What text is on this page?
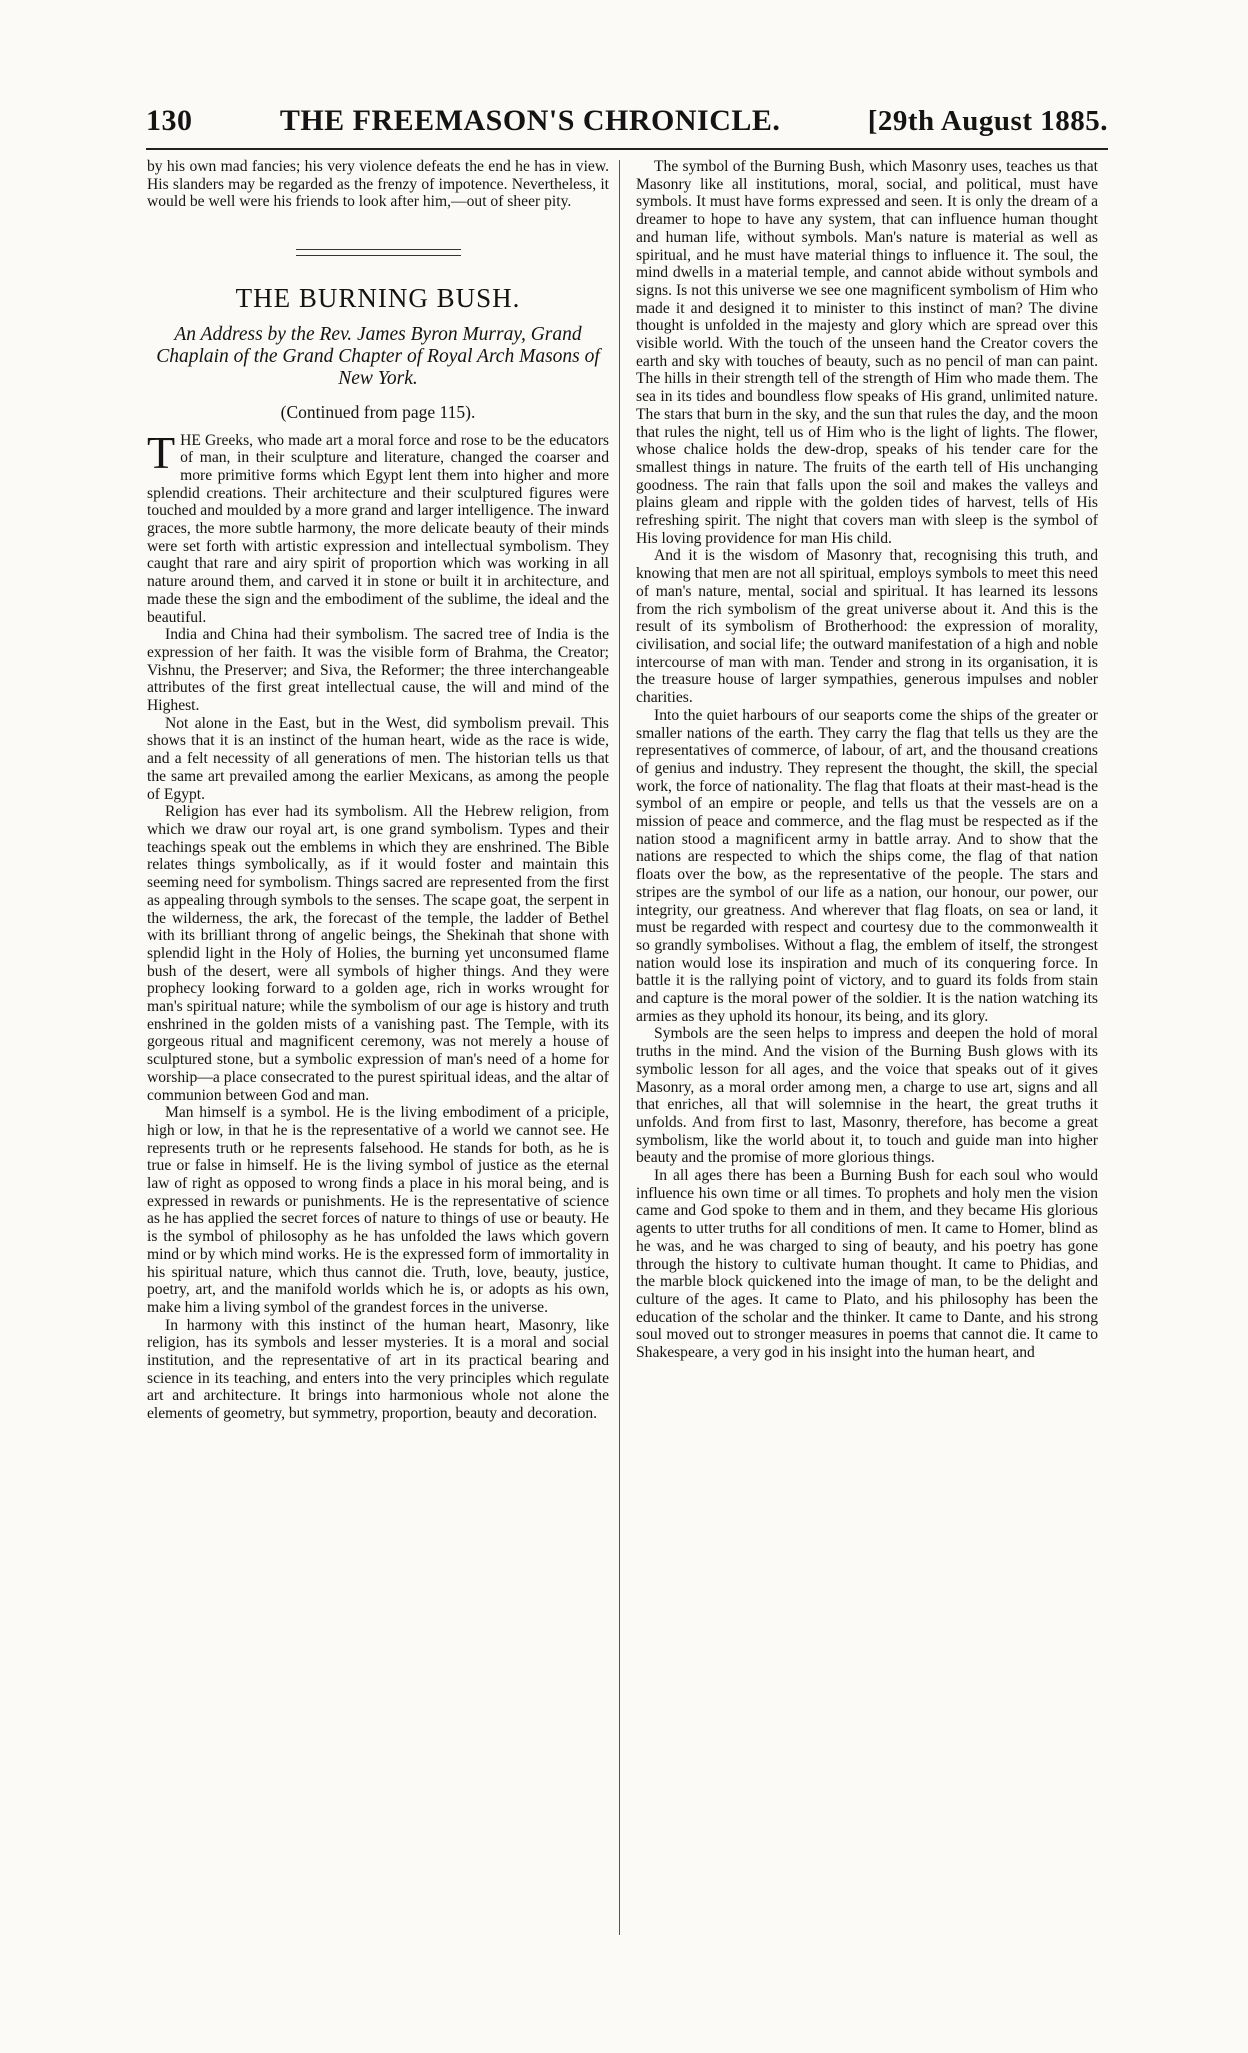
130	THE FREEMASON'S CHRONICLE.	[29th August 1885.

by his own mad fancies; his very violence defeats the end he has in view. His slanders may be regarded as the frenzy of impotence. Nevertheless, it would be well were his friends to look after him,—out of sheer pity.

THE BURNING BUSH.
An Address by the Rev. James Byron Murray, Grand Chaplain of the Grand Chapter of Royal Arch Masons of New York.
(Continued from page 115).

THE Greeks, who made art a moral force and rose to be the educators of man, in their sculpture and literature, changed the coarser and more primitive forms which Egypt lent them into higher and more splendid creations. Their architecture and their sculptured figures were touched and moulded by a more grand and larger intelligence. The inward graces, the more subtle harmony, the more delicate beauty of their minds were set forth with artistic expression and intellectual symbolism. They caught that rare and airy spirit of proportion which was working in all nature around them, and carved it in stone or built it in architecture, and made these the sign and the embodiment of the sublime, the ideal and the beautiful.

India and China had their symbolism. The sacred tree of India is the expression of her faith. It was the visible form of Brahma, the Creator; Vishnu, the Preserver; and Siva, the Reformer; the three interchangeable attributes of the first great intellectual cause, the will and mind of the Highest.

Not alone in the East, but in the West, did symbolism prevail. This shows that it is an instinct of the human heart, wide as the race is wide, and a felt necessity of all generations of men. The historian tells us that the same art prevailed among the earlier Mexicans, as among the people of Egypt.

Religion has ever had its symbolism. All the Hebrew religion, from which we draw our royal art, is one grand symbolism. Types and their teachings speak out the emblems in which they are enshrined. The Bible relates things symbolically, as if it would foster and maintain this seeming need for symbolism. Things sacred are represented from the first as appealing through symbols to the senses. The scape goat, the serpent in the wilderness, the ark, the forecast of the temple, the ladder of Bethel with its brilliant throng of angelic beings, the Shekinah that shone with splendid light in the Holy of Holies, the burning yet unconsumed flame bush of the desert, were all symbols of higher things. And they were prophecy looking forward to a golden age, rich in works wrought for man's spiritual nature; while the symbolism of our age is history and truth enshrined in the golden mists of a vanishing past. The Temple, with its gorgeous ritual and magnificent ceremony, was not merely a house of sculptured stone, but a symbolic expression of man's need of a home for worship—a place consecrated to the purest spiritual ideas, and the altar of communion between God and man.

Man himself is a symbol. He is the living embodiment of a priciple, high or low, in that he is the representative of a world we cannot see. He represents truth or he represents falsehood. He stands for both, as he is true or false in himself. He is the living symbol of justice as the eternal law of right as opposed to wrong finds a place in his moral being, and is expressed in rewards or punishments. He is the representative of science as he has applied the secret forces of nature to things of use or beauty. He is the symbol of philosophy as he has unfolded the laws which govern mind or by which mind works. He is the expressed form of immortality in his spiritual nature, which thus cannot die. Truth, love, beauty, justice, poetry, art, and the manifold worlds which he is, or adopts as his own, make him a living symbol of the grandest forces in the universe.

In harmony with this instinct of the human heart, Masonry, like religion, has its symbols and lesser mysteries. It is a moral and social institution, and the representative of art in its practical bearing and science in its teaching, and enters into the very principles which regulate art and architecture. It brings into harmonious whole not alone the elements of geometry, but symmetry, proportion, beauty and decoration.

The symbol of the Burning Bush, which Masonry uses, teaches us that Masonry like all institutions, moral, social, and political, must have symbols. It must have forms expressed and seen. It is only the dream of a dreamer to hope to have any system, that can influence human thought and human life, without symbols. Man's nature is material as well as spiritual, and he must have material things to influence it. The soul, the mind dwells in a material temple, and cannot abide without symbols and signs. Is not this universe we see one magnificent symbolism of Him who made it and designed it to minister to this instinct of man? The divine thought is unfolded in the majesty and glory which are spread over this visible world. With the touch of the unseen hand the Creator covers the earth and sky with touches of beauty, such as no pencil of man can paint. The hills in their strength tell of the strength of Him who made them. The sea in its tides and boundless flow speaks of His grand, unlimited nature. The stars that burn in the sky, and the sun that rules the day, and the moon that rules the night, tell us of Him who is the light of lights. The flower, whose chalice holds the dew-drop, speaks of his tender care for the smallest things in nature. The fruits of the earth tell of His unchanging goodness. The rain that falls upon the soil and makes the valleys and plains gleam and ripple with the golden tides of harvest, tells of His refreshing spirit. The night that covers man with sleep is the symbol of His loving providence for man His child.

And it is the wisdom of Masonry that, recognising this truth, and knowing that men are not all spiritual, employs symbols to meet this need of man's nature, mental, social and spiritual. It has learned its lessons from the rich symbolism of the great universe about it. And this is the result of its symbolism of Brotherhood: the expression of morality, civilisation, and social life; the outward manifestation of a high and noble intercourse of man with man. Tender and strong in its organisation, it is the treasure house of larger sympathies, generous impulses and nobler charities.

Into the quiet harbours of our seaports come the ships of the greater or smaller nations of the earth. They carry the flag that tells us they are the representatives of commerce, of labour, of art, and the thousand creations of genius and industry. They represent the thought, the skill, the special work, the force of nationality. The flag that floats at their mast-head is the symbol of an empire or people, and tells us that the vessels are on a mission of peace and commerce, and the flag must be respected as if the nation stood a magnificent army in battle array. And to show that the nations are respected to which the ships come, the flag of that nation floats over the bow, as the representative of the people. The stars and stripes are the symbol of our life as a nation, our honour, our power, our integrity, our greatness. And wherever that flag floats, on sea or land, it must be regarded with respect and courtesy due to the commonwealth it so grandly symbolises. Without a flag, the emblem of itself, the strongest nation would lose its inspiration and much of its conquering force. In battle it is the rallying point of victory, and to guard its folds from stain and capture is the moral power of the soldier. It is the nation watching its armies as they uphold its honour, its being, and its glory.

Symbols are the seen helps to impress and deepen the hold of moral truths in the mind. And the vision of the Burning Bush glows with its symbolic lesson for all ages, and the voice that speaks out of it gives Masonry, as a moral order among men, a charge to use art, signs and all that enriches, all that will solemnise in the heart, the great truths it unfolds. And from first to last, Masonry, therefore, has become a great symbolism, like the world about it, to touch and guide man into higher beauty and the promise of more glorious things.

In all ages there has been a Burning Bush for each soul who would influence his own time or all times. To prophets and holy men the vision came and God spoke to them and in them, and they became His glorious agents to utter truths for all conditions of men. It came to Homer, blind as he was, and he was charged to sing of beauty, and his poetry has gone through the history to cultivate human thought. It came to Phidias, and the marble block quickened into the image of man, to be the delight and culture of the ages. It came to Plato, and his philosophy has been the education of the scholar and the thinker. It came to Dante, and his strong soul moved out to stronger measures in poems that cannot die. It came to Shakespeare, a very god in his insight into the human heart, and
